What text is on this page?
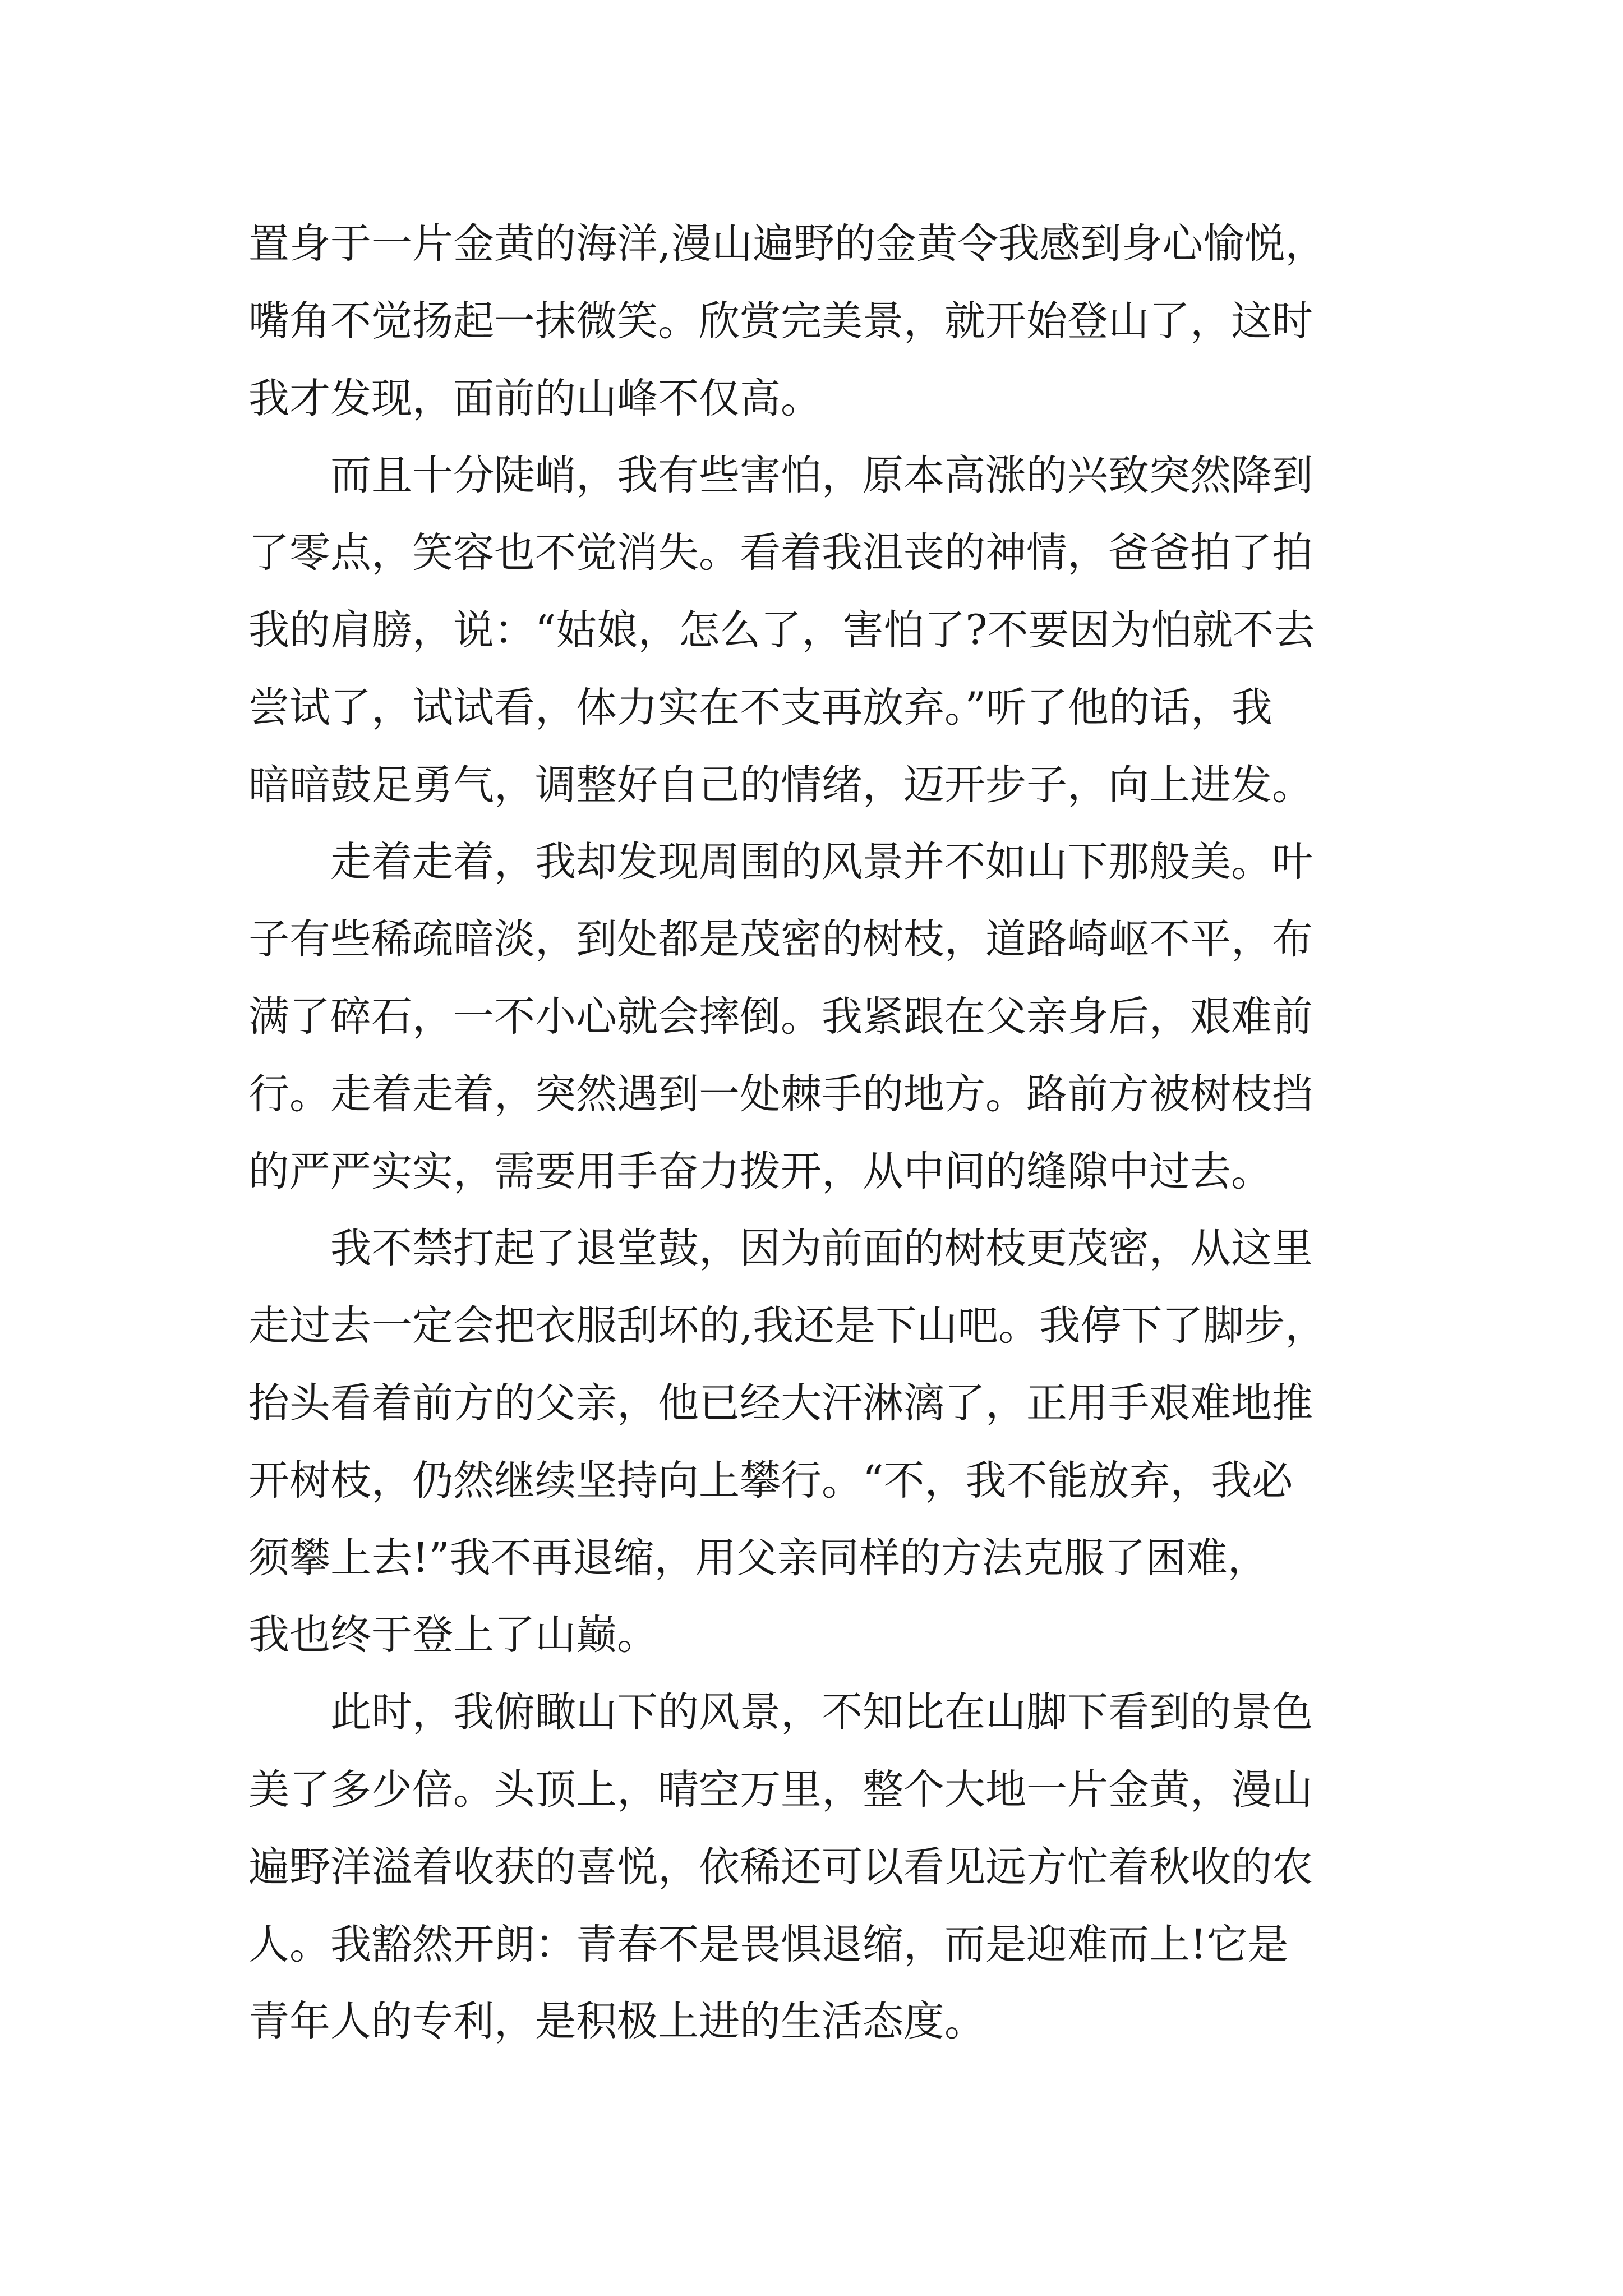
置身于一片金黄的海洋,漫山遍野的金黄令我感到身心愉悦，
嘴角不觉扬起一抹微笑。欣赏完美景，就开始登山了，这时
我才发现，面前的山峰不仅高。
　　而且十分陡峭，我有些害怕，原本高涨的兴致突然降到
了零点，笑容也不觉消失。看着我沮丧的神情，爸爸拍了拍
我的肩膀，说：“姑娘，怎么了，害怕了?不要因为怕就不去
尝试了，试试看，体力实在不支再放弃。”听了他的话，我
暗暗鼓足勇气，调整好自己的情绪，迈开步子，向上进发。
　　走着走着，我却发现周围的风景并不如山下那般美。叶
子有些稀疏暗淡，到处都是茂密的树枝，道路崎岖不平，布
满了碎石，一不小心就会摔倒。我紧跟在父亲身后，艰难前
行。走着走着，突然遇到一处棘手的地方。路前方被树枝挡
的严严实实，需要用手奋力拨开，从中间的缝隙中过去。
　　我不禁打起了退堂鼓，因为前面的树枝更茂密，从这里
走过去一定会把衣服刮坏的,我还是下山吧。我停下了脚步，
抬头看着前方的父亲，他已经大汗淋漓了，正用手艰难地推
开树枝，仍然继续坚持向上攀行。“不，我不能放弃，我必
须攀上去!”我不再退缩，用父亲同样的方法克服了困难，
我也终于登上了山巅。
　　此时，我俯瞰山下的风景，不知比在山脚下看到的景色
美了多少倍。头顶上，晴空万里，整个大地一片金黄，漫山
遍野洋溢着收获的喜悦，依稀还可以看见远方忙着秋收的农
人。我豁然开朗：青春不是畏惧退缩，而是迎难而上!它是
青年人的专利，是积极上进的生活态度。
